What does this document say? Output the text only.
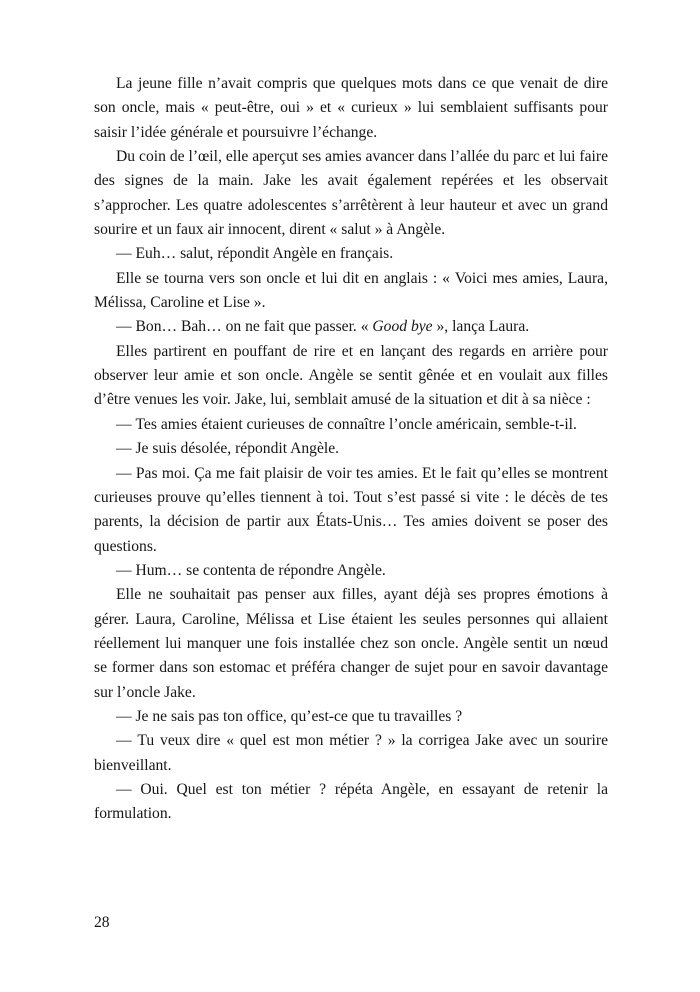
La jeune fille n’avait compris que quelques mots dans ce que venait de dire son oncle, mais « peut-être, oui » et « curieux » lui semblaient suffisants pour saisir l’idée générale et poursuivre l’échange.

Du coin de l’œil, elle aperçut ses amies avancer dans l’allée du parc et lui faire des signes de la main. Jake les avait également repérées et les observait s’approcher. Les quatre adolescentes s’arrêtèrent à leur hauteur et avec un grand sourire et un faux air innocent, dirent « salut » à Angèle.

— Euh… salut, répondit Angèle en français.

Elle se tourna vers son oncle et lui dit en anglais : « Voici mes amies, Laura, Mélissa, Caroline et Lise ».

— Bon… Bah… on ne fait que passer. « Good bye », lança Laura.

Elles partirent en pouffant de rire et en lançant des regards en arrière pour observer leur amie et son oncle. Angèle se sentit gênée et en voulait aux filles d’être venues les voir. Jake, lui, semblait amusé de la situation et dit à sa nièce :

— Tes amies étaient curieuses de connaître l’oncle américain, semble-t-il.

— Je suis désolée, répondit Angèle.

— Pas moi. Ça me fait plaisir de voir tes amies. Et le fait qu’elles se montrent curieuses prouve qu’elles tiennent à toi. Tout s’est passé si vite : le décès de tes parents, la décision de partir aux États-Unis… Tes amies doivent se poser des questions.

— Hum… se contenta de répondre Angèle.

Elle ne souhaitait pas penser aux filles, ayant déjà ses propres émotions à gérer. Laura, Caroline, Mélissa et Lise étaient les seules personnes qui allaient réellement lui manquer une fois installée chez son oncle. Angèle sentit un nœud se former dans son estomac et préféra changer de sujet pour en savoir davantage sur l’oncle Jake.

— Je ne sais pas ton office, qu’est-ce que tu travailles ?

— Tu veux dire « quel est mon métier ? » la corrigea Jake avec un sourire bienveillant.

— Oui. Quel est ton métier ? répéta Angèle, en essayant de retenir la formulation.

28
